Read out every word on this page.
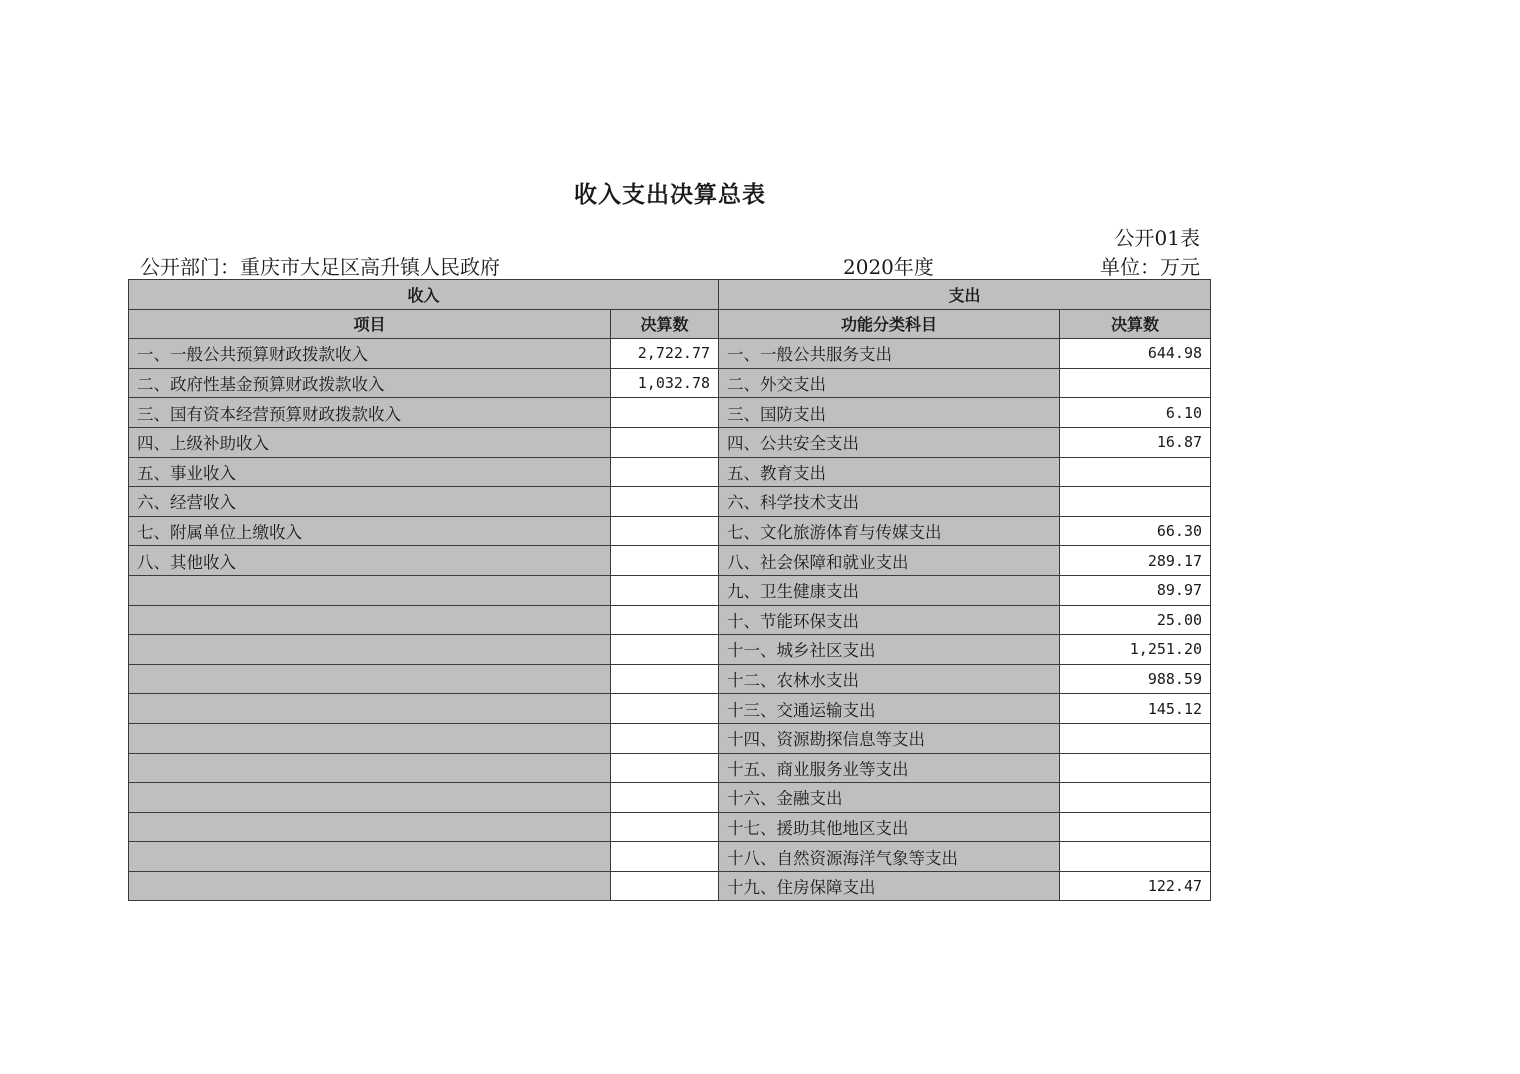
收入支出决算总表
公开01表
公开部门：重庆市大足区高升镇人民政府	2020年度	单位：万元
收入		支出	
项目	决算数	功能分类科目	决算数
一、一般公共预算财政拨款收入	2,722.77	一、一般公共服务支出	644.98
二、政府性基金预算财政拨款收入	1,032.78	二、外交支出	
三、国有资本经营预算财政拨款收入		三、国防支出	6.10
四、上级补助收入		四、公共安全支出	16.87
五、事业收入		五、教育支出	
六、经营收入		六、科学技术支出	
七、附属单位上缴收入		七、文化旅游体育与传媒支出	66.30
八、其他收入		八、社会保障和就业支出	289.17
		九、卫生健康支出	89.97
		十、节能环保支出	25.00
		十一、城乡社区支出	1,251.20
		十二、农林水支出	988.59
		十三、交通运输支出	145.12
		十四、资源勘探信息等支出	
		十五、商业服务业等支出	
		十六、金融支出	
		十七、援助其他地区支出	
		十八、自然资源海洋气象等支出	
		十九、住房保障支出	122.47
